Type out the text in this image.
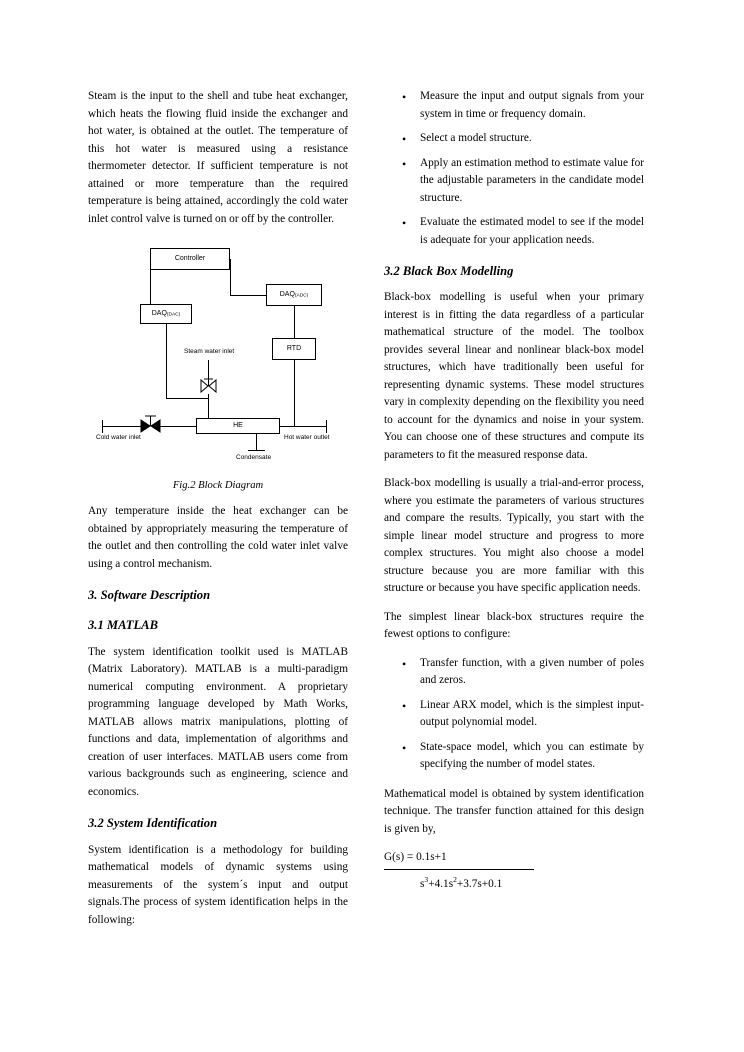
Steam is the input to the shell and tube heat exchanger, which heats the flowing fluid inside the exchanger and hot water, is obtained at the outlet. The temperature of this hot water is measured using a resistance thermometer detector. If sufficient temperature is not attained or more temperature than the required temperature is being attained, accordingly the cold water inlet control valve is turned on or off by the controller.

Controller
DAQ(ADC)
DAQ(DAC)
RTD
HE
Steam water inlet
Cold water inlet	Hot water outlet
Condensate
Fig.2 Block Diagram

Any temperature inside the heat exchanger can be obtained by appropriately measuring the temperature of the outlet and then controlling the cold water inlet valve using a control mechanism.

3. Software Description
3.1 MATLAB

The system identification toolkit used is MATLAB (Matrix Laboratory). MATLAB is a multi-paradigm numerical computing environment. A proprietary programming language developed by Math Works, MATLAB allows matrix manipulations, plotting of functions and data, implementation of algorithms and creation of user interfaces. MATLAB users come from various backgrounds such as engineering, science and economics.

3.2 System Identification

System identification is a methodology for building mathematical models of dynamic systems using measurements of the system´s input and output signals.The process of system identification helps in the following:

• Measure the input and output signals from your system in time or frequency domain.
• Select a model structure.
• Apply an estimation method to estimate value for the adjustable parameters in the candidate model structure.
• Evaluate the estimated model to see if the model is adequate for your application needs.
3.2 Black Box Modelling

Black-box modelling is useful when your primary interest is in fitting the data regardless of a particular mathematical structure of the model. The toolbox provides several linear and nonlinear black-box model structures, which have traditionally been useful for representing dynamic systems. These model structures vary in complexity depending on the flexibility you need to account for the dynamics and noise in your system. You can choose one of these structures and compute its parameters to fit the measured response data.

Black-box modelling is usually a trial-and-error process, where you estimate the parameters of various structures and compare the results. Typically, you start with the simple linear model structure and progress to more complex structures. You might also choose a model structure because you are more familiar with this structure or because you have specific application needs.

The simplest linear black-box structures require the fewest options to configure:

• Transfer function, with a given number of poles and zeros.
• Linear ARX model, which is the simplest input-output polynomial model.
• State-space model, which you can estimate by specifying the number of model states.

Mathematical model is obtained by system identification technique. The transfer function attained for this design is given by,

G(s) = 0.1s+1
$s^3+4.1s^2+3.7s+0.1$
